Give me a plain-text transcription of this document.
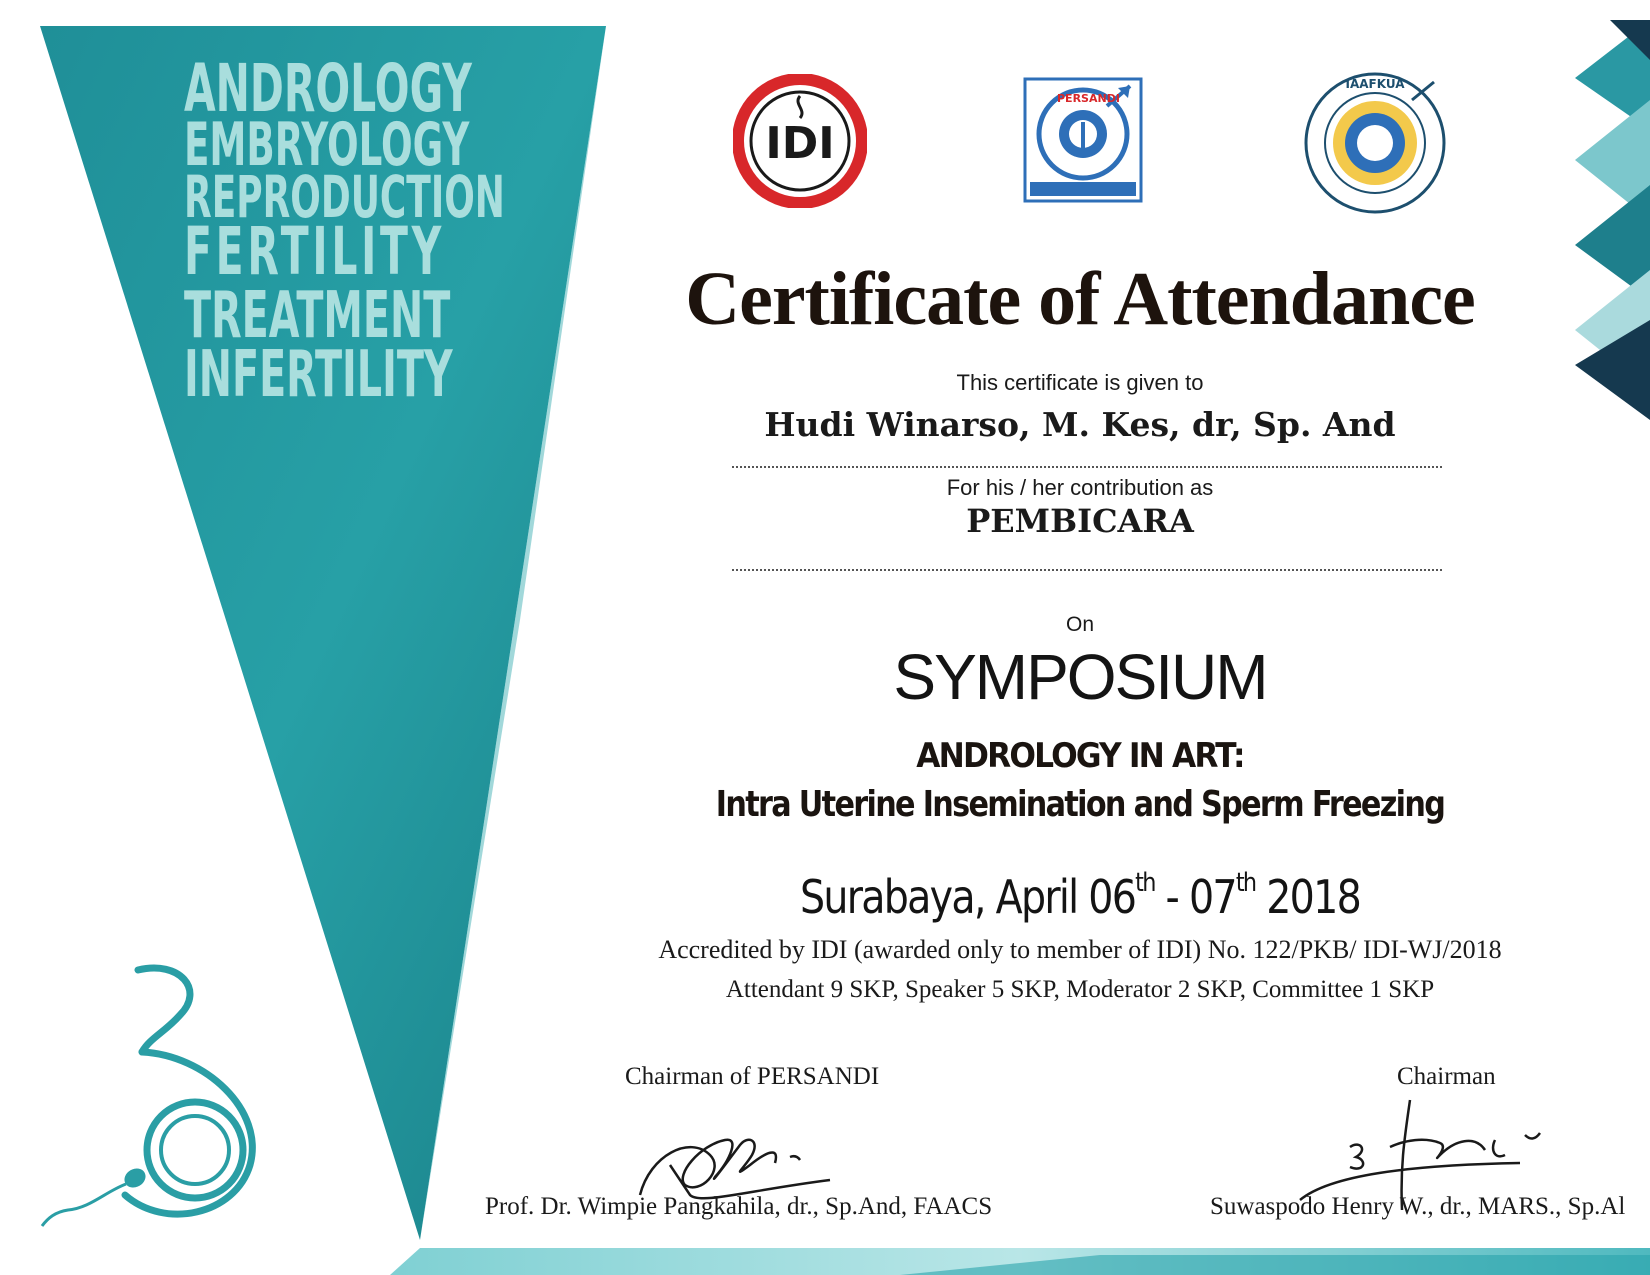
ANDROLOGY
EMBRYOLOGY
REPRODUCTION
FERTILITY
TREATMENT
INFERTILITY
IDI
PERSANDI
IAAFKUA
Certificate of Attendance
This certificate is given to
Hudi Winarso, M. Kes, dr, Sp. And
For his / her contribution as
PEMBICARA
On
SYMPOSIUM
ANDROLOGY IN ART:
Intra Uterine Insemination and Sperm Freezing
Surabaya, April 06th - 07th 2018
Accredited by IDI (awarded only to member of IDI) No. 122/PKB/ IDI-WJ/2018
Attendant 9 SKP, Speaker 5 SKP, Moderator 2 SKP, Committee 1 SKP
Chairman of PERSANDI
Prof. Dr. Wimpie Pangkahila, dr., Sp.And, FAACS
Chairman
Suwaspodo Henry W., dr., MARS., Sp.Al
